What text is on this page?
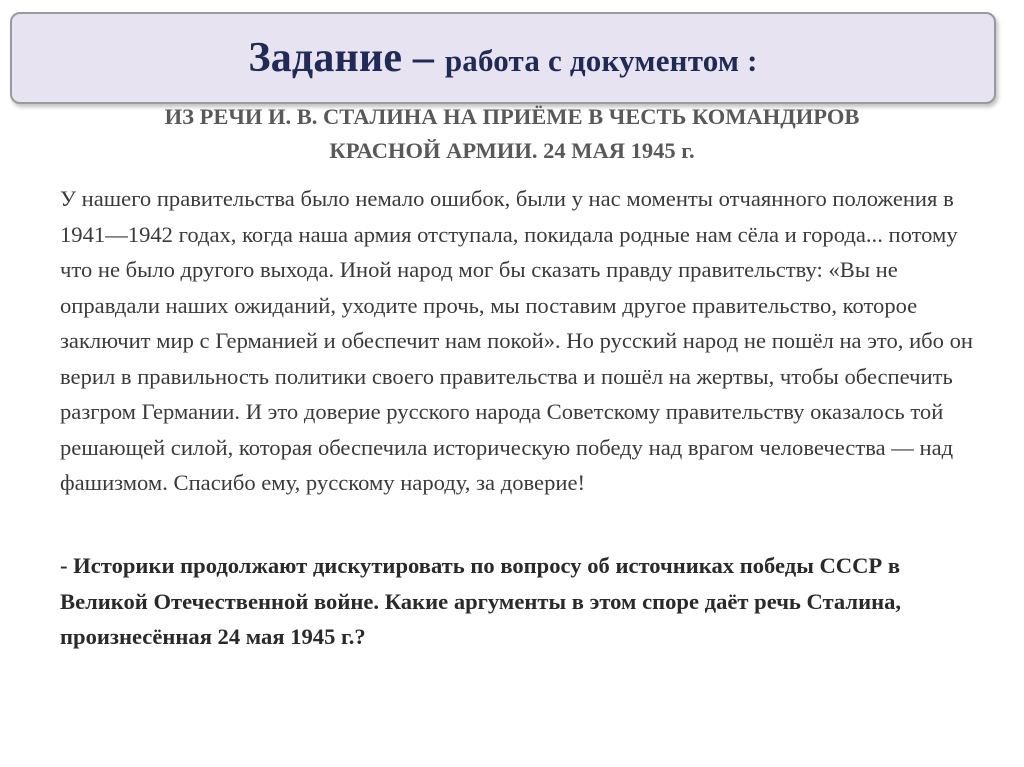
Задание – работа с документом :
ИЗ РЕЧИ И. В. СТАЛИНА НА ПРИЁМЕ В ЧЕСТЬ КОМАНДИРОВ
КРАСНОЙ АРМИИ. 24 МАЯ 1945 г.

У нашего правительства было немало ошибок, были у нас моменты отчаянного положения в 1941—1942 годах, когда наша армия отступала, покидала родные нам сёла и города... потому что не было другого выхода. Иной народ мог бы сказать правду правительству: «Вы не оправдали наших ожиданий, уходите прочь, мы поставим другое правительство, которое заключит мир с Германией и обеспечит нам покой». Но русский народ не пошёл на это, ибо он верил в правильность политики своего правительства и пошёл на жертвы, чтобы обеспечить разгром Германии. И это доверие русского народа Советскому правительству оказалось той решающей силой, которая обеспечила историческую победу над врагом человечества — над фашизмом. Спасибо ему, русскому народу, за доверие!

- Историки продолжают дискутировать по вопросу об источниках победы СССР в Великой Отечественной войне. Какие аргументы в этом споре даёт речь Сталина, произнесённая 24 мая 1945 г.?
